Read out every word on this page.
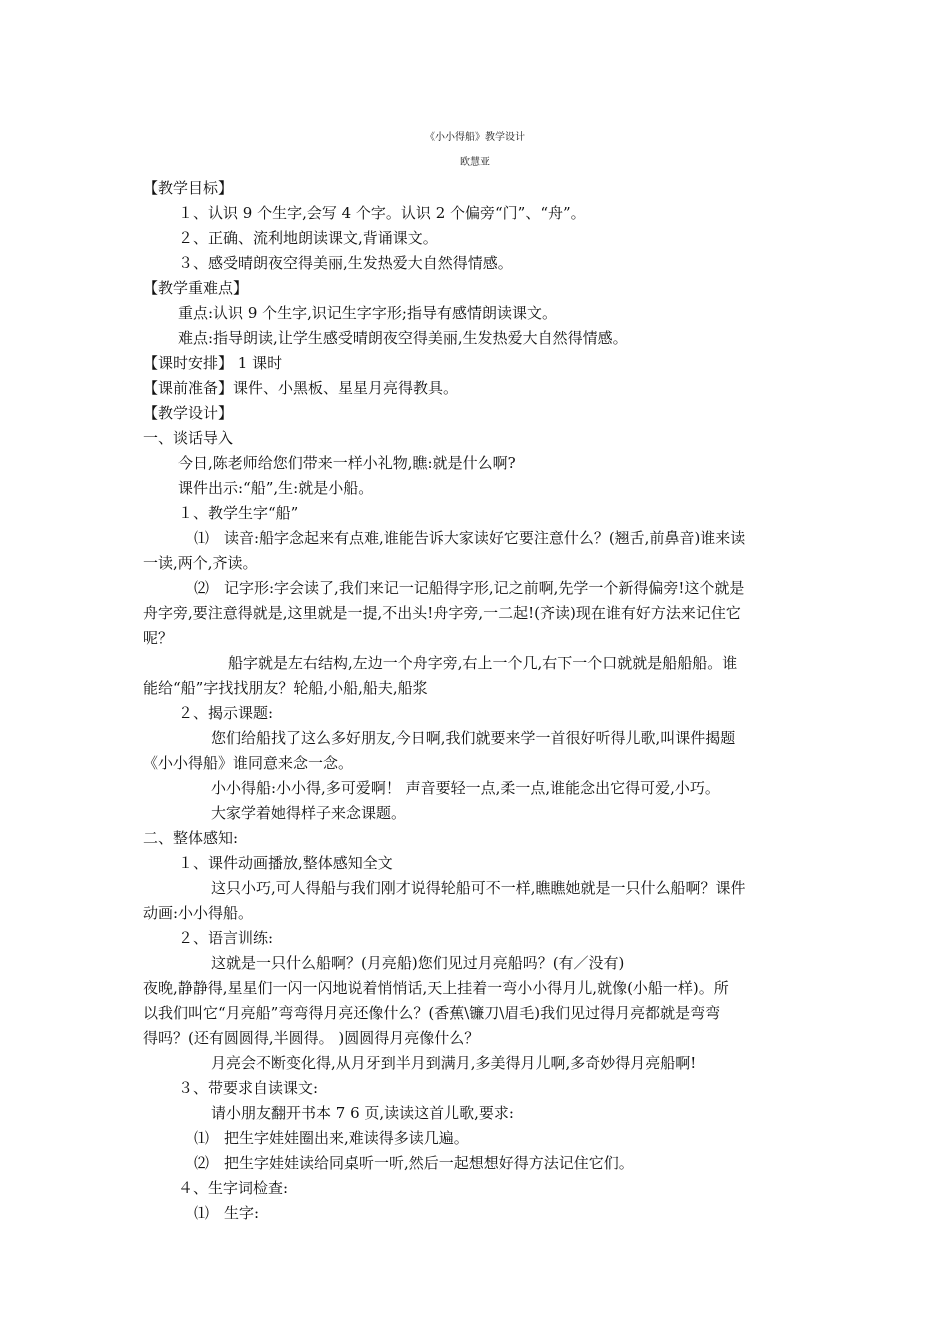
《小小得船》教学设计
欧慧亚
【教学目标】
１、认识 9 个生字,会写 4 个字。认识 2 个偏旁“门”、“舟”。
２、正确、流利地朗读课文,背诵课文。
３、感受晴朗夜空得美丽,生发热爱大自然得情感。
【教学重难点】
重点:认识 9 个生字,识记生字字形;指导有感情朗读课文。
难点:指导朗读,让学生感受晴朗夜空得美丽,生发热爱大自然得情感。
【课时安排】 1 课时
【课前准备】课件、小黑板、星星月亮得教具。
【教学设计】
一、谈话导入
今日,陈老师给您们带来一样小礼物,瞧:就是什么啊?
课件出示:“船”,生:就是小船。
１、教学生字“船”
⑴　读音:船字念起来有点难,谁能告诉大家读好它要注意什么？(翘舌,前鼻音)谁来读
一读,两个,齐读。
⑵　记字形:字会读了,我们来记一记船得字形,记之前啊,先学一个新得偏旁!这个就是
舟字旁,要注意得就是,这里就是一提,不出头!舟字旁,一二起!(齐读)现在谁有好方法来记住它
呢？
船字就是左右结构,左边一个舟字旁,右上一个几,右下一个口就就是船船船。谁
能给“船”字找找朋友？轮船,小船,船夫,船浆
２、揭示课题:
您们给船找了这么多好朋友,今日啊,我们就要来学一首很好听得儿歌,叫课件揭题
《小小得船》谁同意来念一念。
小小得船:小小得,多可爱啊！ 声音要轻一点,柔一点,谁能念出它得可爱,小巧。
大家学着她得样子来念课题。
二、整体感知:
１、课件动画播放,整体感知全文
这只小巧,可人得船与我们刚才说得轮船可不一样,瞧瞧她就是一只什么船啊？课件
动画:小小得船。
２、语言训练:
这就是一只什么船啊？(月亮船)您们见过月亮船吗？(有／没有)
夜晚,静静得,星星们一闪一闪地说着悄悄话,天上挂着一弯小小得月儿,就像(小船一样)。所
以我们叫它“月亮船”弯弯得月亮还像什么？(香蕉\镰刀\眉毛)我们见过得月亮都就是弯弯
得吗？(还有圆圆得,半圆得。 )圆圆得月亮像什么？
月亮会不断变化得,从月牙到半月到满月,多美得月儿啊,多奇妙得月亮船啊!
３、带要求自读课文:
请小朋友翻开书本 7 6 页,读读这首儿歌,要求:
⑴　把生字娃娃圈出来,难读得多读几遍。
⑵　把生字娃娃读给同桌听一听,然后一起想想好得方法记住它们。
４、生字词检查:
⑴　生字:
